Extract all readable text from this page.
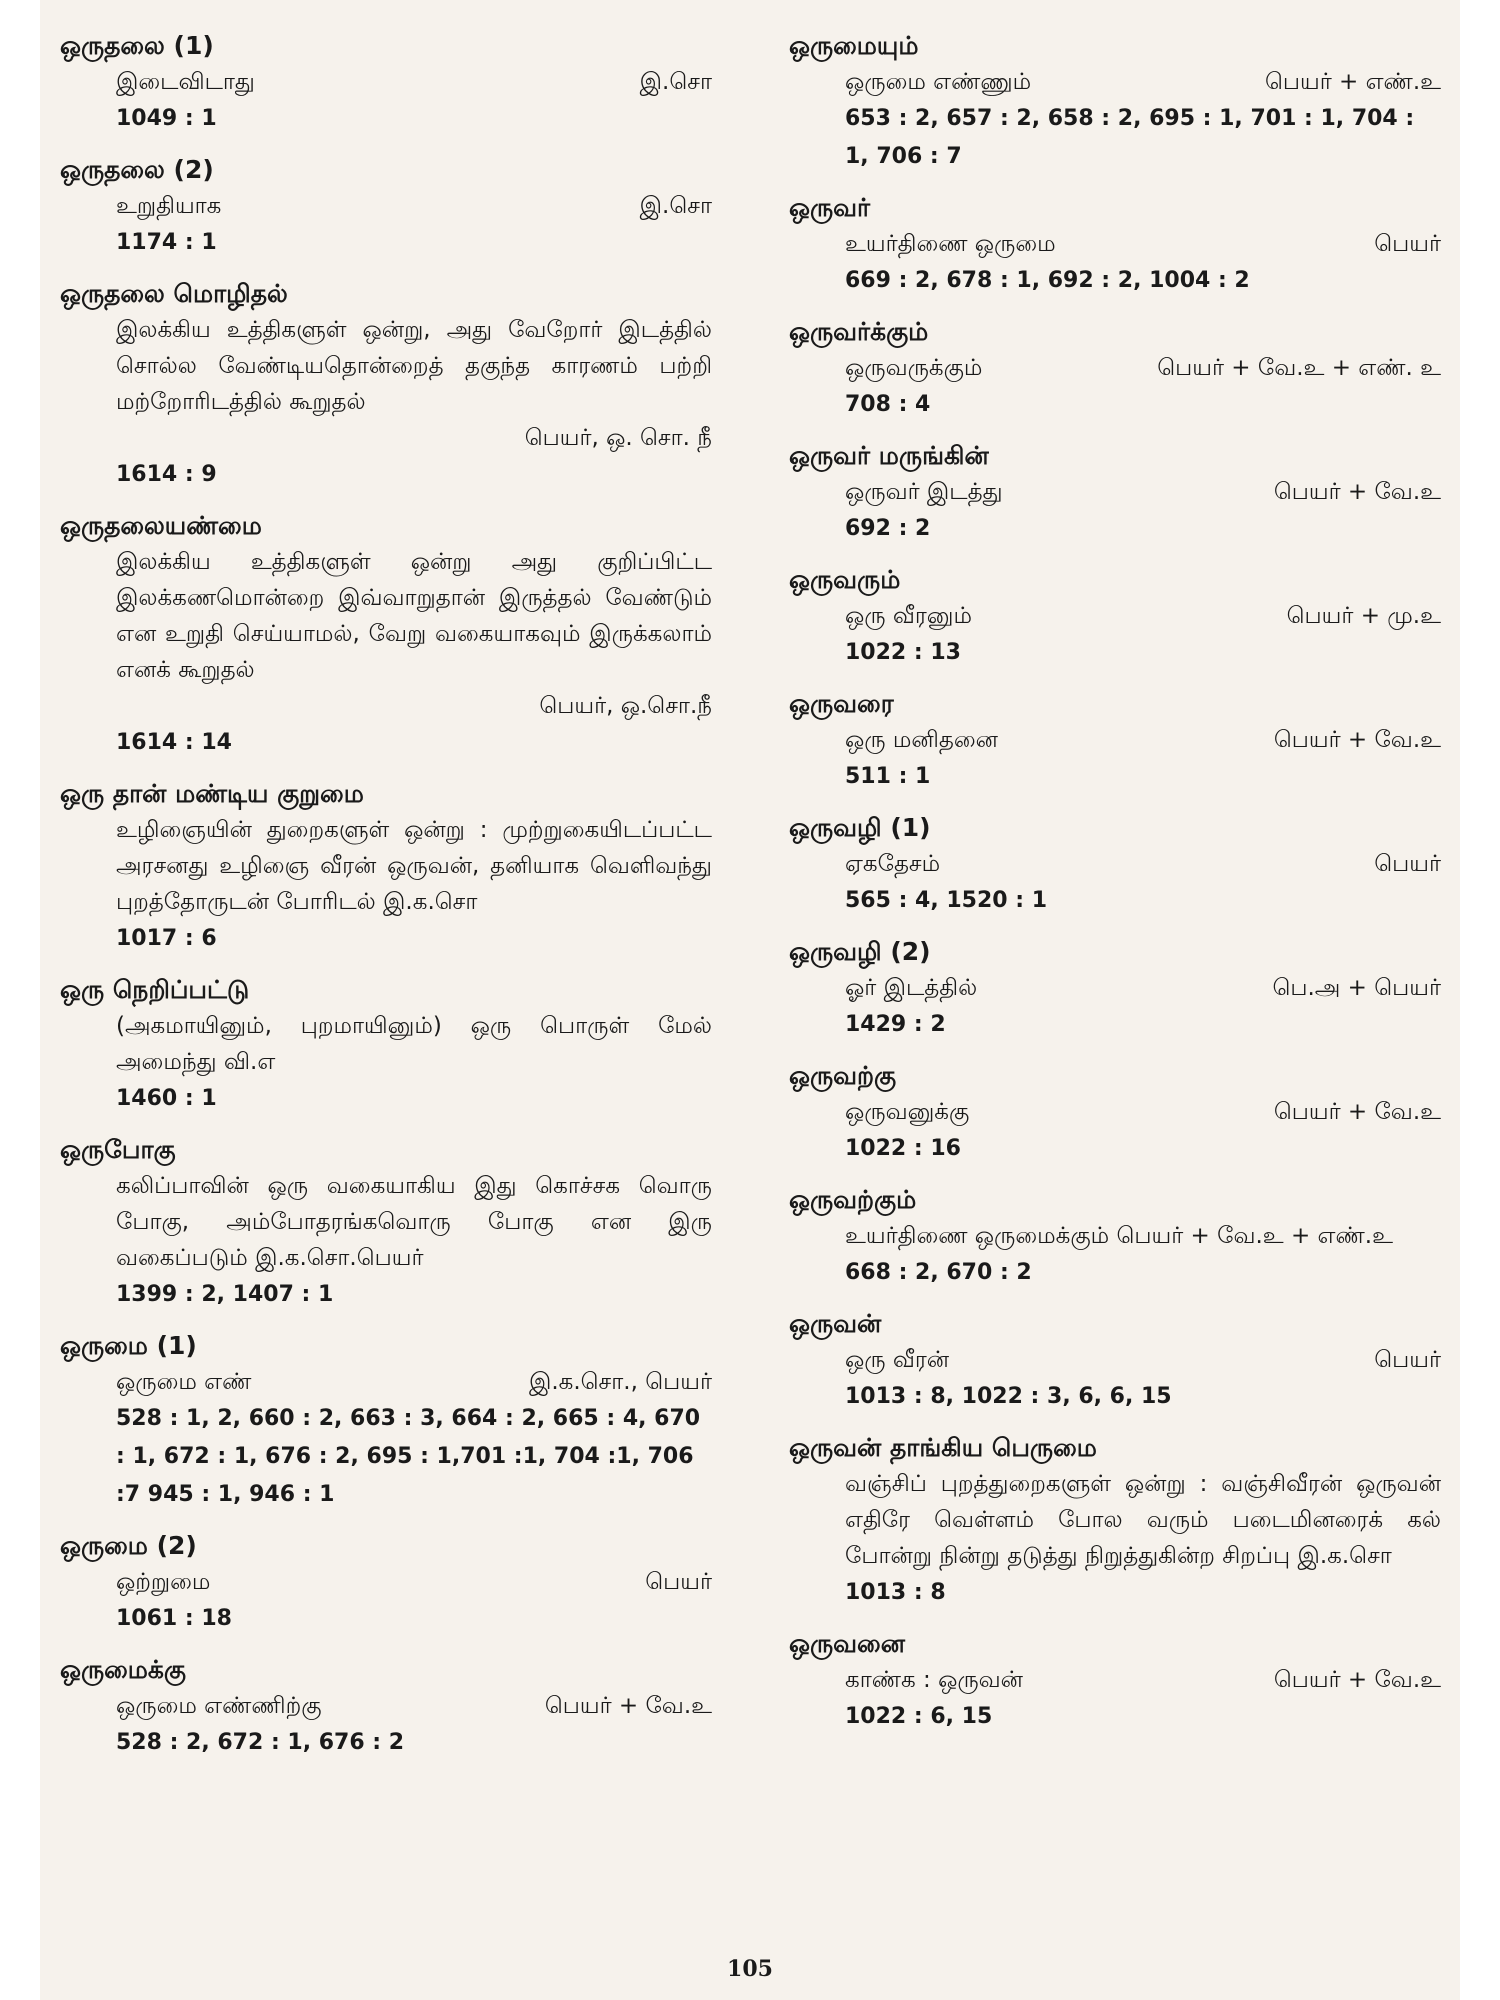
ஒருதலை (1)
இடைவிடாது	இ.சொ
1049 : 1
ஒருதலை (2)
உறுதியாக	இ.சொ
1174 : 1
ஒருதலை மொழிதல்
இலக்கிய உத்திகளுள் ஒன்று, அது வேறோர் இடத்தில் சொல்ல வேண்டியதொன்றைத் தகுந்த காரணம் பற்றி மற்றோரிடத்தில் கூறுதல்
பெயர், ஒ. சொ. நீ
1614 : 9
ஒருதலையண்மை
இலக்கிய உத்திகளுள் ஒன்று அது குறிப்பிட்ட இலக்கணமொன்றை இவ்வாறுதான் இருத்தல் வேண்டும் என உறுதி செய்யாமல், வேறு வகையாகவும் இருக்கலாம் எனக் கூறுதல்
பெயர், ஒ.சொ.நீ
1614 : 14
ஒரு தான் மண்டிய குறுமை
உழிஞையின் துறைகளுள் ஒன்று : முற்றுகையிடப்பட்ட அரசனது உழிஞை வீரன் ஒருவன், தனியாக வெளிவந்து புறத்தோருடன் போரிடல் இ.க.சொ
1017 : 6
ஒரு நெறிப்பட்டு
(அகமாயினும், புறமாயினும்) ஒரு பொருள் மேல் அமைந்து வி.எ
1460 : 1
ஒருபோகு
கலிப்பாவின் ஒரு வகையாகிய இது கொச்சக வொரு போகு, அம்போதரங்கவொரு போகு என இரு வகைப்படும் இ.க.சொ.பெயர்
1399 : 2, 1407 : 1
ஒருமை (1)
ஒருமை எண்	இ.க.சொ., பெயர்
528 : 1, 2, 660 : 2, 663 : 3, 664 : 2, 665 : 4, 670 : 1, 672 : 1, 676 : 2, 695 : 1,701 :1, 704 :1, 706 :7 945 : 1, 946 : 1
ஒருமை (2)
ஒற்றுமை	பெயர்
1061 : 18
ஒருமைக்கு
ஒருமை எண்ணிற்கு	பெயர் + வே.உ
528 : 2, 672 : 1, 676 : 2
ஒருமையும்
ஒருமை எண்ணும்	பெயர் + எண்.உ
653 : 2, 657 : 2, 658 : 2, 695 : 1, 701 : 1, 704 : 1, 706 : 7
ஒருவர்
உயர்திணை ஒருமை	பெயர்
669 : 2, 678 : 1, 692 : 2, 1004 : 2
ஒருவர்க்கும்
ஒருவருக்கும்	பெயர் + வே.உ + எண். உ
708 : 4
ஒருவர் மருங்கின்
ஒருவர் இடத்து	பெயர் + வே.உ
692 : 2
ஒருவரும்
ஒரு வீரனும்	பெயர் + மு.உ
1022 : 13
ஒருவரை
ஒரு மனிதனை	பெயர் + வே.உ
511 : 1
ஒருவழி (1)
ஏகதேசம்	பெயர்
565 : 4, 1520 : 1
ஒருவழி (2)
ஓர் இடத்தில்	பெ.அ + பெயர்
1429 : 2
ஒருவற்கு
ஒருவனுக்கு	பெயர் + வே.உ
1022 : 16
ஒருவற்கும்
உயர்திணை ஒருமைக்கும் பெயர் + வே.உ + எண்.உ
668 : 2, 670 : 2
ஒருவன்
ஒரு வீரன்	பெயர்
1013 : 8, 1022 : 3, 6, 6, 15
ஒருவன் தாங்கிய பெருமை
வஞ்சிப் புறத்துறைகளுள் ஒன்று : வஞ்சிவீரன் ஒருவன் எதிரே வெள்ளம் போல வரும் படைமினரைக் கல் போன்று நின்று தடுத்து நிறுத்துகின்ற சிறப்பு இ.க.சொ
1013 : 8
ஒருவனை
காண்க : ஒருவன்	பெயர் + வே.உ
1022 : 6, 15
105
